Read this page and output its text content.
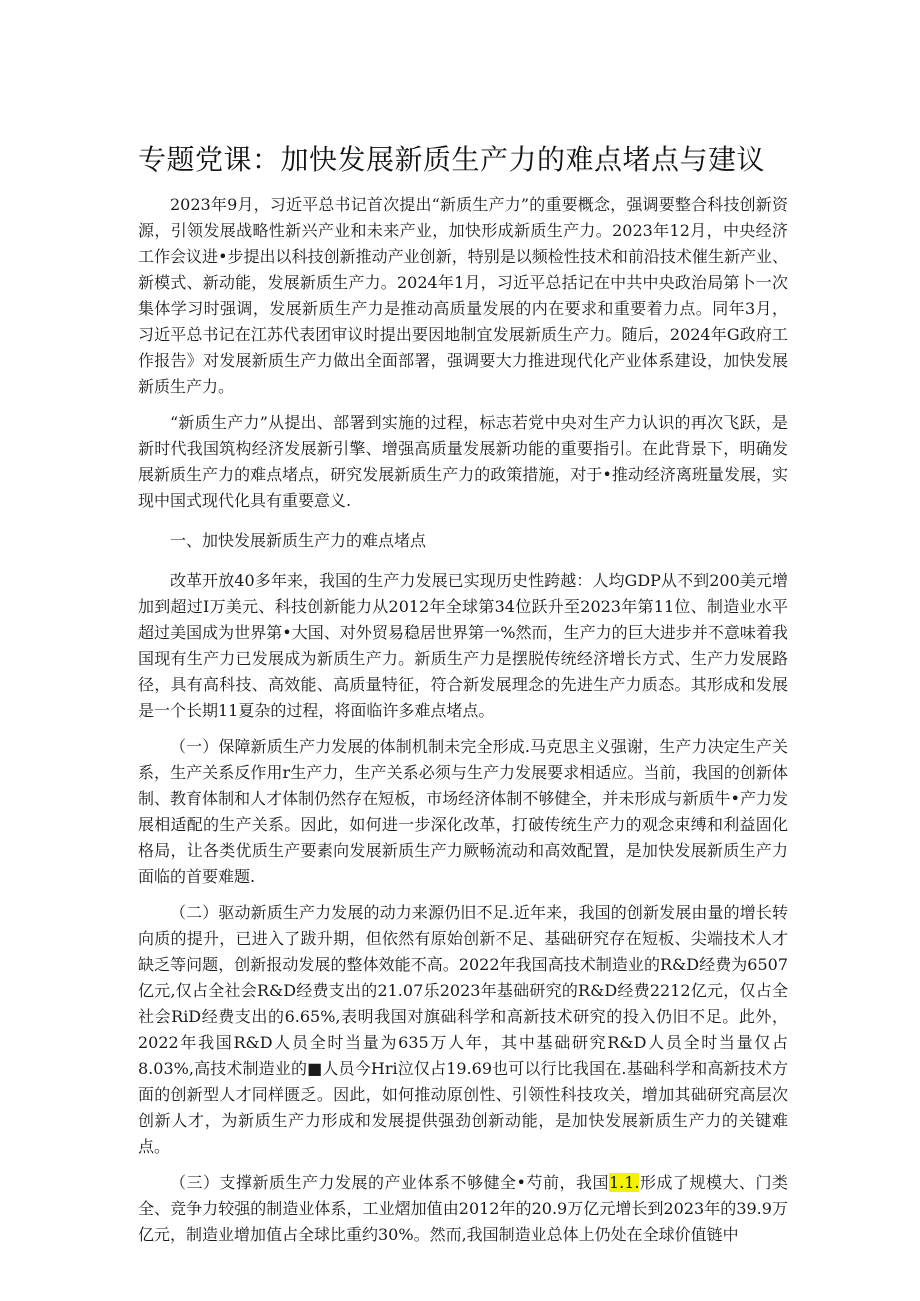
专题党课：加快发展新质生产力的难点堵点与建议

2023年9月，习近平总书记首次提出“新质生产力”的重要概念，强调要整合科技创新资源，引领发展战略性新兴产业和未来产业，加快形成新质生产力。2023年12月，中央经济工作会议进•步提出以科技创新推动产业创新，特别是以频检性技术和前沿技术催生新产业、新模式、新动能，发展新质生产力。2024年1月，习近平总括记在中共中央政治局第卜一次集体学习时强调，发展新质生产力是推动高质量发展的内在要求和重要着力点。同年3月，习近平总书记在江苏代表团审议时提出要因地制宜发展新质生产力。随后，2024年G政府工作报告》对发展新质生产力做出全面部署，强调要大力推进现代化产业体系建设，加快发展新质生产力。

“新质生产力”从提出、部署到实施的过程，标志若党中央对生产力认识的再次飞跃，是新时代我国筑构经济发展新引擎、增强高质量发展新功能的重要指引。在此背景下，明确发展新质生产力的难点堵点，研究发展新质生产力的政策措施，对于•推动经济离班量发展，实现中国式现代化具有重要意义.

一、加快发展新质生产力的难点堵点

改革开放40多年来，我国的生产力发展已实现历史性跨越：人均GDP从不到200美元增加到超过I万美元、科技创新能力从2012年全球第34位跃升至2023年第11位、制造业水平超过美国成为世界第•大国、对外贸易稳居世界第一%然而，生产力的巨大进步并不意味着我国现有生产力已发展成为新质生产力。新质生产力是摆脱传统经济增长方式、生产力发展路径，具有高科技、高效能、高质量特征，符合新发展理念的先进生产力质态。其形成和发展是一个长期11夏杂的过程，将面临许多难点堵点。

（一）保障新质生产力发展的体制机制未完全形成.马克思主义强谢，生产力决定生产关系，生产关系反作用r生产力，生产关系必须与生产力发展要求相适应。当前，我国的创新体制、教育体制和人才体制仍然存在短板，市场经济体制不够健全，并未形成与新质牛•产力发展相适配的生产关系。因此，如何进一步深化改革，打破传统生产力的观念束缚和利益固化格局，让各类优质生产要素向发展新质生产力厥畅流动和高效配置，是加快发展新质生产力面临的首要难题.

（二）驱动新质生产力发展的动力来源仍旧不足.近年来，我国的创新发展由量的增长转向质的提升，已进入了跋升期，但依然有原始创新不足、基础研究存在短板、尖端技术人才缺乏等问题，创新报动发展的整体效能不高。2022年我国高技术制造业的R&D经费为6507亿元,仅占全社会R&D经费支出的21.07乐2023年基础研究的R&D经费2212亿元，仅占全社会RiD经费支出的6.65%,表明我国对旗础科学和高新技术研究的投入仍旧不足。此外，2022年我国R&D人员全时当量为635万人年，其中基础研究R&D人员全时当量仅占8.03%,高技术制造业的■人员今Hri泣仅占19.69也可以行比我国在.基础科学和高新技术方面的创新型人才同样匮乏。因此，如何推动原创性、引领性科技攻关，增加其础研究高层次创新人才，为新质生产力形成和发展提供强劲创新动能，是加快发展新质生产力的关键难点。

（三）支撑新质生产力发展的产业体系不够健全•芍前，我国1.1.形成了规模大、门类全、竞争力较强的制造业体系，工业熠加值由2012年的20.9万亿元增长到2023年的39.9万亿元，制造业增加值占全球比重约30%。然而,我国制造业总体上仍处在全球价值链中
